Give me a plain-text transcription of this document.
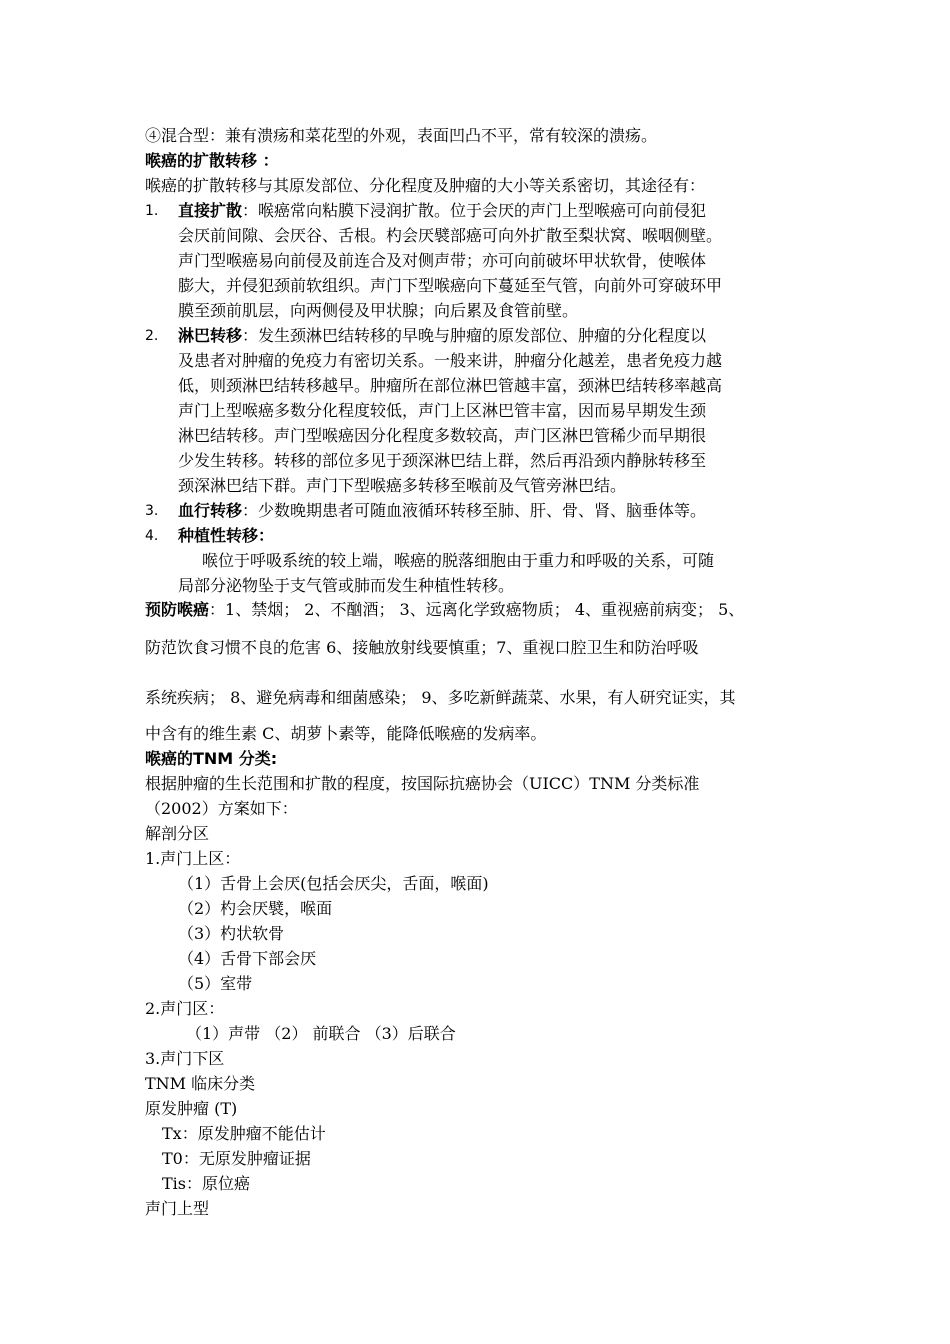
④混合型：兼有溃疡和菜花型的外观，表面凹凸不平，常有较深的溃疡。
喉癌的扩散转移 ：
喉癌的扩散转移与其原发部位、分化程度及肿瘤的大小等关系密切，其途径有：
1. 直接扩散：喉癌常向粘膜下浸润扩散。位于会厌的声门上型喉癌可向前侵犯
会厌前间隙、会厌谷、舌根。杓会厌襞部癌可向外扩散至梨状窝、喉咽侧壁。
声门型喉癌易向前侵及前连合及对侧声带；亦可向前破坏甲状软骨，使喉体
膨大，并侵犯颈前软组织。声门下型喉癌向下蔓延至气管，向前外可穿破环甲
膜至颈前肌层，向两侧侵及甲状腺；向后累及食管前壁。
2. 淋巴转移：发生颈淋巴结转移的早晚与肿瘤的原发部位、肿瘤的分化程度以
及患者对肿瘤的免疫力有密切关系。一般来讲，肿瘤分化越差，患者免疫力越
低，则颈淋巴结转移越早。肿瘤所在部位淋巴管越丰富，颈淋巴结转移率越高
声门上型喉癌多数分化程度较低，声门上区淋巴管丰富，因而易早期发生颈
淋巴结转移。声门型喉癌因分化程度多数较高，声门区淋巴管稀少而早期很
少发生转移。转移的部位多见于颈深淋巴结上群，然后再沿颈内静脉转移至
颈深淋巴结下群。声门下型喉癌多转移至喉前及气管旁淋巴结。
3. 血行转移：少数晚期患者可随血液循环转移至肺、肝、骨、肾、脑垂体等。
4. 种植性转移：
喉位于呼吸系统的较上端，喉癌的脱落细胞由于重力和呼吸的关系，可随
局部分泌物坠于支气管或肺而发生种植性转移。
预防喉癌：1、禁烟； 2、不酗酒； 3、远离化学致癌物质； 4、重视癌前病变； 5、
防范饮食习惯不良的危害 6、接触放射线要慎重；7、重视口腔卫生和防治呼吸
系统疾病； 8、避免病毒和细菌感染； 9、多吃新鲜蔬菜、水果，有人研究证实，其
中含有的维生素 C、胡萝卜素等，能降低喉癌的发病率。
喉癌的TNM 分类:
根据肿瘤的生长范围和扩散的程度，按国际抗癌协会（UICC）TNM 分类标准
（2002）方案如下：
解剖分区
1.声门上区：
（1）舌骨上会厌(包括会厌尖，舌面，喉面)
（2）杓会厌襞，喉面
（3）杓状软骨
（4）舌骨下部会厌
（5）室带
2.声门区：
（1）声带 （2） 前联合 （3）后联合
3.声门下区
TNM 临床分类
原发肿瘤 (T)
Tx：原发肿瘤不能估计
T0：无原发肿瘤证据
Tis：原位癌
声门上型
